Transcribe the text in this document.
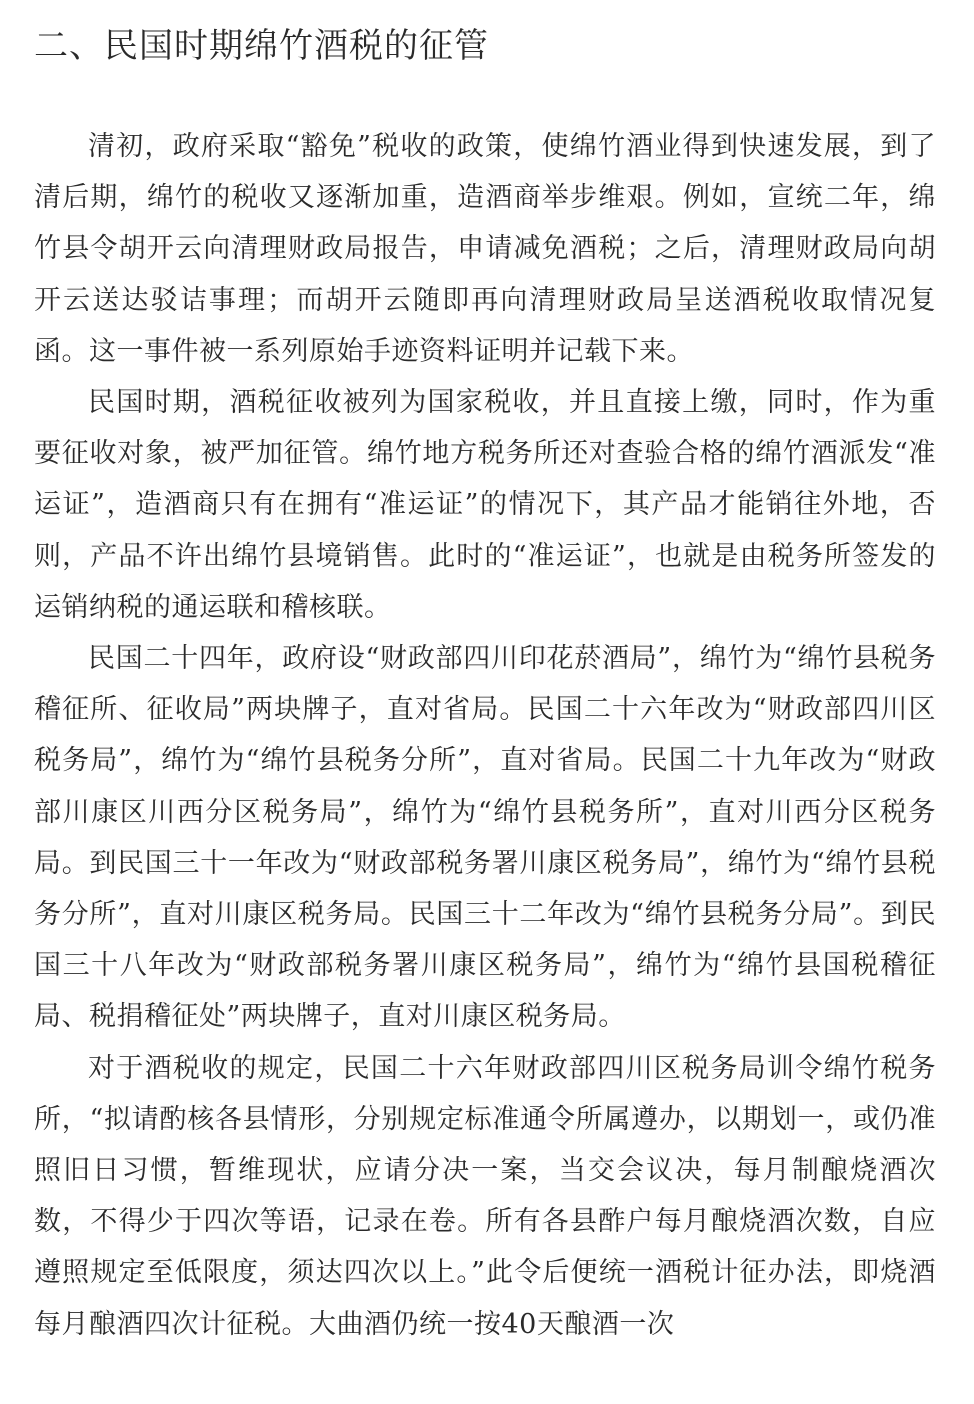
二、民国时期绵竹酒税的征管

清初，政府采取“豁免”税收的政策，使绵竹酒业得到快速发展，到了清后期，绵竹的税收又逐渐加重，造酒商举步维艰。例如，宣统二年，绵竹县令胡开云向清理财政局报告，申请减免酒税；之后，清理财政局向胡开云送达驳诘事理；而胡开云随即再向清理财政局呈送酒税收取情况复函。这一事件被一系列原始手迹资料证明并记载下来。

民国时期，酒税征收被列为国家税收，并且直接上缴，同时，作为重要征收对象，被严加征管。绵竹地方税务所还对查验合格的绵竹酒派发“准运证”，造酒商只有在拥有“准运证”的情况下，其产品才能销往外地，否则，产品不许出绵竹县境销售。此时的“准运证”，也就是由税务所签发的运销纳税的通运联和稽核联。

民国二十四年，政府设“财政部四川印花菸酒局”，绵竹为“绵竹县税务稽征所、征收局”两块牌子，直对省局。民国二十六年改为“财政部四川区税务局”，绵竹为“绵竹县税务分所”，直对省局。民国二十九年改为“财政部川康区川西分区税务局”，绵竹为“绵竹县税务所”，直对川西分区税务局。到民国三十一年改为“财政部税务署川康区税务局”，绵竹为“绵竹县税务分所”，直对川康区税务局。民国三十二年改为“绵竹县税务分局”。到民国三十八年改为“财政部税务署川康区税务局”，绵竹为“绵竹县国税稽征局、税捐稽征处”两块牌子，直对川康区税务局。

对于酒税收的规定，民国二十六年财政部四川区税务局训令绵竹税务所，“拟请酌核各县情形，分别规定标准通令所属遵办，以期划一，或仍准照旧日习惯，暂维现状，应请分决一案，当交会议决，每月制酿烧酒次数，不得少于四次等语，记录在卷。所有各县酢户每月酿烧酒次数，自应遵照规定至低限度，须达四次以上。”此令后便统一酒税计征办法，即烧酒每月酿酒四次计征税。大曲酒仍统一按40天酿酒一次
